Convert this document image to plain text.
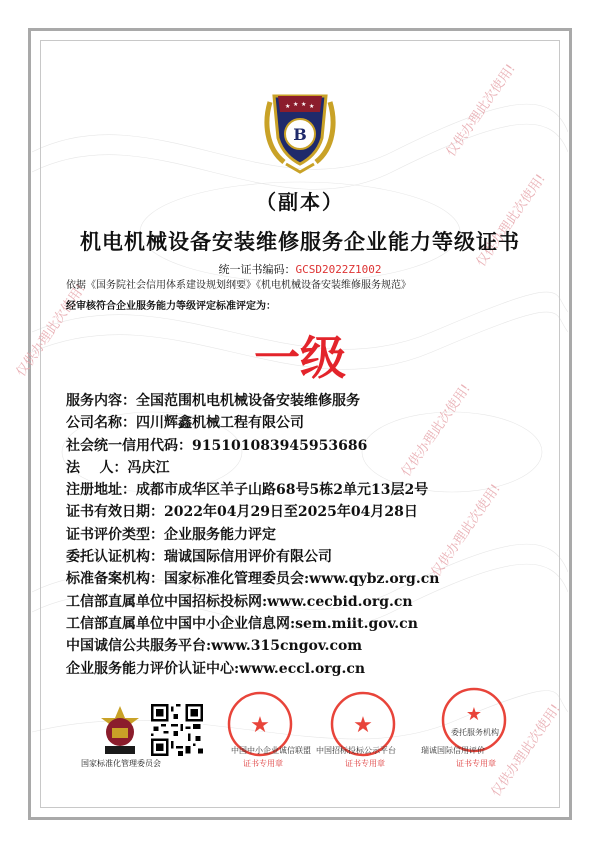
仅供办理此次使用!
仅供办理此次使用!
仅供办理此次使用!
仅供办理此次使用!
仅供办理此次使用!
仅供办理此次使用!
B
★ ★ ★ ★
（副本）
机电机械设备安装维修服务企业能力等级证书
统一证书编码：GCSD2022Z1002
依据《国务院社会信用体系建设规划纲要》《机电机械设备安装维修服务规范》
经审核符合企业服务能力等级评定标准评定为：
一级
服务内容：全国范围机电机械设备安装维修服务
公司名称：四川辉鑫机械工程有限公司
社会统一信用代码：915101083945953686
法    人：冯庆江
注册地址：成都市成华区羊子山路68号5栋2单元13层2号
证书有效日期：2022年04月29日至2025年04月28日
证书评价类型：企业服务能力评定
委托认证机构：瑞诚国际信用评价有限公司
标准备案机构：国家标准化管理委员会:www.qybz.org.cn
工信部直属单位中国招标投标网:www.cecbid.org.cn
工信部直属单位中国中小企业信息网:sem.miit.gov.cn
中国诚信公共服务平台:www.315cngov.com
企业服务能力评价认证中心:www.eccl.org.cn
国家标准化管理委员会
★
中国中小企业诚信联盟
证书专用章
★
中国招标投标公示平台
证书专用章
★
委托服务机构
瑞诚国际信用评价
证书专用章
